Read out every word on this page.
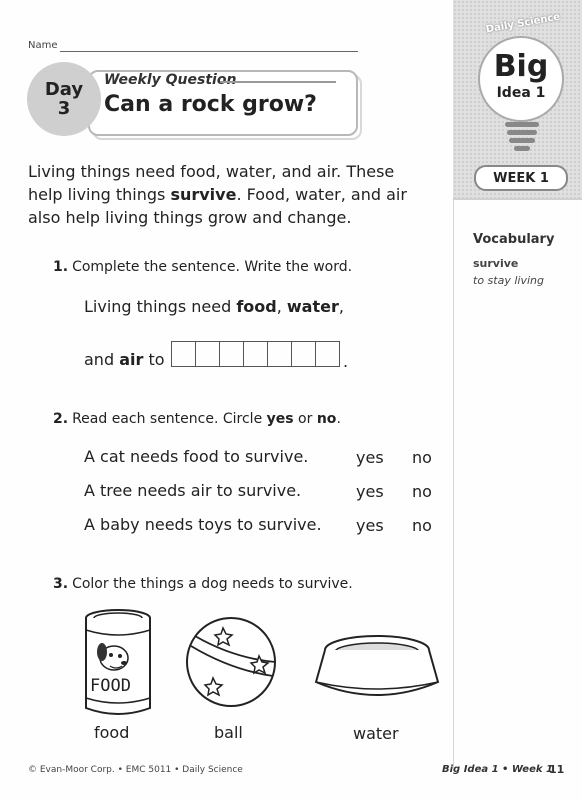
Name
Weekly Question
Can a rock grow?
Day
3
Daily Science
Big
Idea 1
WEEK 1
Vocabulary
survive
to stay living
Living things need food, water, and air. These
help living things survive. Food, water, and air
also help living things grow and change.
1. Complete the sentence. Write the word.
Living things need food, water,
and air to	.
2. Read each sentence. Circle yes or no.
A cat needs food to survive.	yes no
A tree needs air to survive.	yes no
A baby needs toys to survive. yes no
3. Color the things a dog needs to survive.
FOOD
food	ball	water
© Evan-Moor Corp. • EMC 5011 • Daily Science	Big Idea 1 • Week 1
11
